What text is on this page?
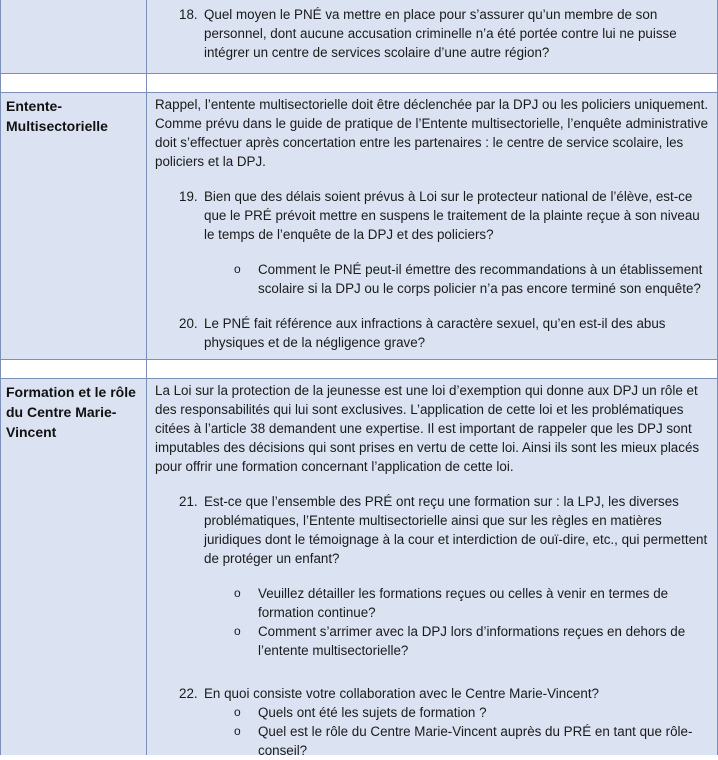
18. Quel moyen le PNÉ va mettre en place pour s’assurer qu’un membre de son personnel, dont aucune accusation criminelle n’a été portée contre lui ne puisse intégrer un centre de services scolaire d’une autre région?
Entente-Multisectorielle

Rappel, l’entente multisectorielle doit être déclenchée par la DPJ ou les policiers uniquement. Comme prévu dans le guide de pratique de l’Entente multisectorielle, l’enquête administrative doit s’effectuer après concertation entre les partenaires : le centre de service scolaire, les policiers et la DPJ.

19. Bien que des délais soient prévus à Loi sur le protecteur national de l’élève, est-ce que le PRÉ prévoit mettre en suspens le traitement de la plainte reçue à son niveau le temps de l’enquête de la DPJ et des policiers?
o Comment le PNÉ peut-il émettre des recommandations à un établissement scolaire si la DPJ ou le corps policier n’a pas encore terminé son enquête?
20. Le PNÉ fait référence aux infractions à caractère sexuel, qu’en est-il des abus physiques et de la négligence grave?
Formation et le rôle du Centre Marie-Vincent

La Loi sur la protection de la jeunesse est une loi d’exemption qui donne aux DPJ un rôle et des responsabilités qui lui sont exclusives. L’application de cette loi et les problématiques citées à l’article 38 demandent une expertise. Il est important de rappeler que les DPJ sont imputables des décisions qui sont prises en vertu de cette loi. Ainsi ils sont les mieux placés pour offrir une formation concernant l’application de cette loi.

21. Est-ce que l’ensemble des PRÉ ont reçu une formation sur : la LPJ, les diverses problématiques, l’Entente multisectorielle ainsi que sur les règles en matières juridiques dont le témoignage à la cour et interdiction de ouï-dire, etc., qui permettent de protéger un enfant?
o Veuillez détailler les formations reçues ou celles à venir en termes de formation continue?
o Comment s’arrimer avec la DPJ lors d’informations reçues en dehors de l’entente multisectorielle?
22. En quoi consiste votre collaboration avec le Centre Marie-Vincent?
o Quels ont été les sujets de formation ?
o Quel est le rôle du Centre Marie-Vincent auprès du PRÉ en tant que rôle-conseil?
